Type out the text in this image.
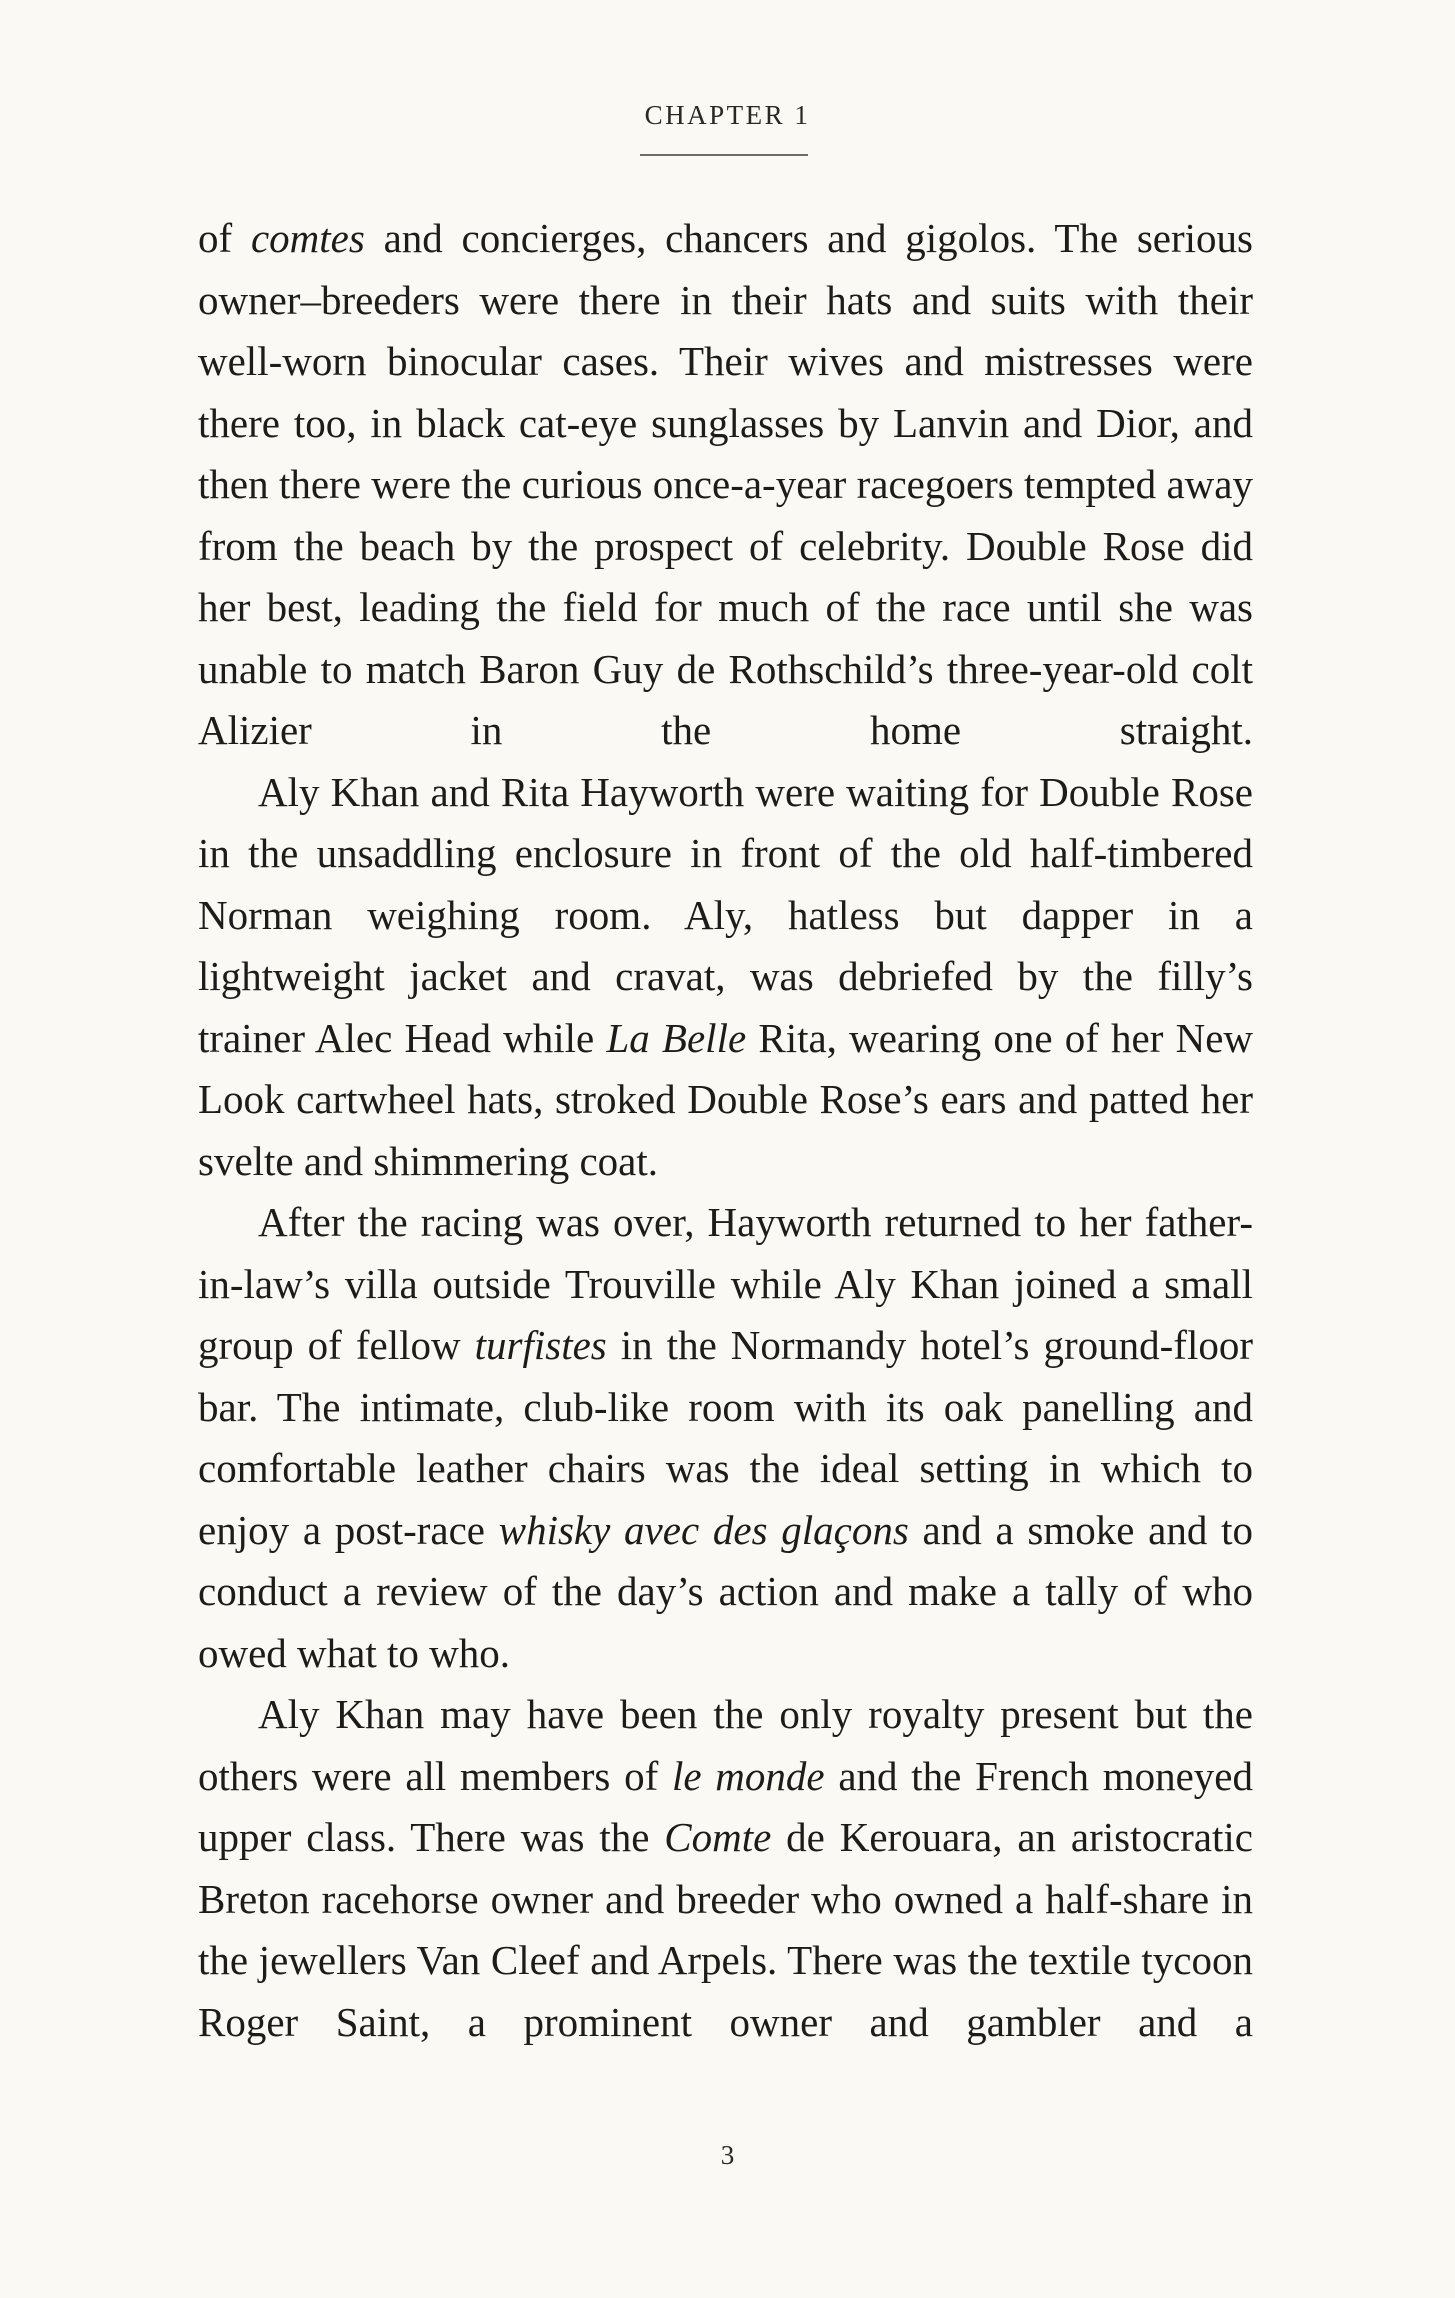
CHAPTER 1

of comtes and concierges, chancers and gigolos. The serious owner–breeders were there in their hats and suits with their well-worn binocular cases. Their wives and mistresses were there too, in black cat-eye sunglasses by Lanvin and Dior, and then there were the curious once-a-year racegoers tempted away from the beach by the prospect of celebrity. Double Rose did her best, leading the field for much of the race until she was unable to match Baron Guy de Rothschild’s three-year-old colt Alizier in the home straight.

Aly Khan and Rita Hayworth were waiting for Double Rose in the unsaddling enclosure in front of the old half-timbered Norman weighing room. Aly, hatless but dapper in a lightweight jacket and cravat, was debriefed by the filly’s trainer Alec Head while La Belle Rita, wearing one of her New Look cartwheel hats, stroked Double Rose’s ears and patted her svelte and shimmering coat.

After the racing was over, Hayworth returned to her father-in-law’s villa outside Trouville while Aly Khan joined a small group of fellow turfistes in the Normandy hotel’s ground-floor bar. The intimate, club-like room with its oak panelling and comfortable leather chairs was the ideal setting in which to enjoy a post-race whisky avec des glaçons and a smoke and to conduct a review of the day’s action and make a tally of who owed what to who.

Aly Khan may have been the only royalty present but the others were all members of le monde and the French moneyed upper class. There was the Comte de Kerouara, an aristocratic Breton racehorse owner and breeder who owned a half-share in the jewellers Van Cleef and Arpels. There was the textile tycoon Roger Saint, a prominent owner and gambler and a

3
